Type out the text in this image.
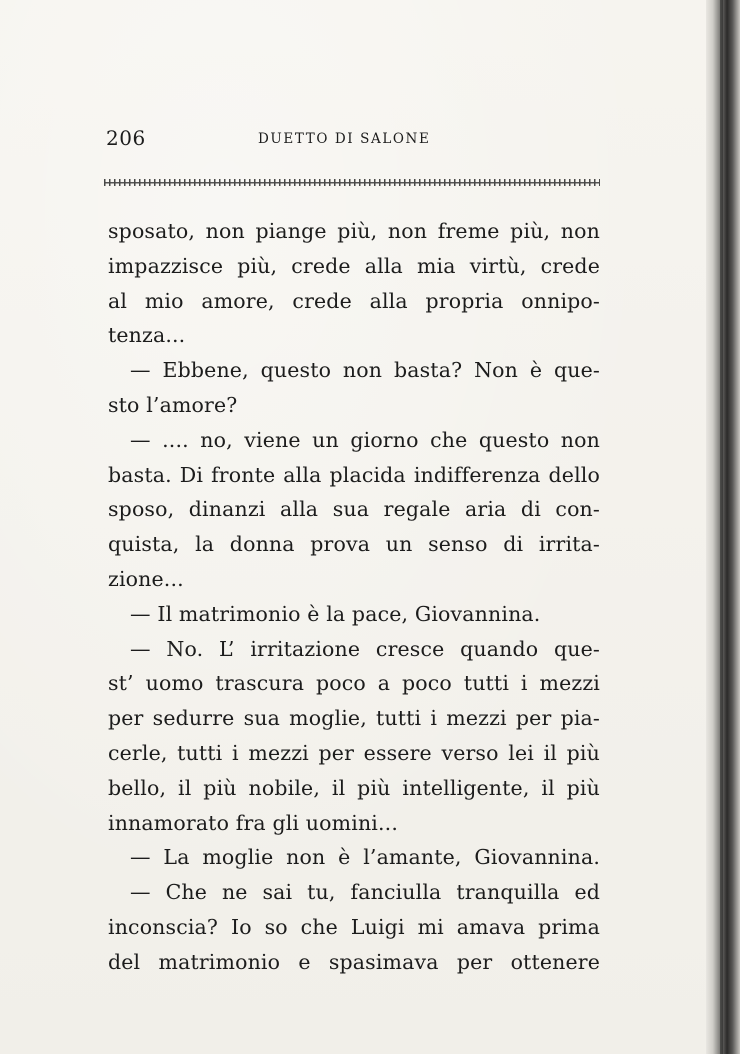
206	DUETTO DI SALONE
sposato, non piange più, non freme più, non
impazzisce più, crede alla mia virtù, crede
al mio amore, crede alla propria onnipo-
tenza...
— Ebbene, questo non basta? Non è que-
sto l’amore?
— .... no, viene un giorno che questo non
basta. Di fronte alla placida indifferenza dello
sposo, dinanzi alla sua regale aria di con-
quista, la donna prova un senso di irrita-
zione...
— Il matrimonio è la pace, Giovannina.
— No. L’ irritazione cresce quando que-
st’ uomo trascura poco a poco tutti i mezzi
per sedurre sua moglie, tutti i mezzi per pia-
cerle, tutti i mezzi per essere verso lei il più
bello, il più nobile, il più intelligente, il più
innamorato fra gli uomini...
— La moglie non è l’amante, Giovannina.
— Che ne sai tu, fanciulla tranquilla ed
inconscia? Io so che Luigi mi amava prima
del matrimonio e spasimava per ottenere
